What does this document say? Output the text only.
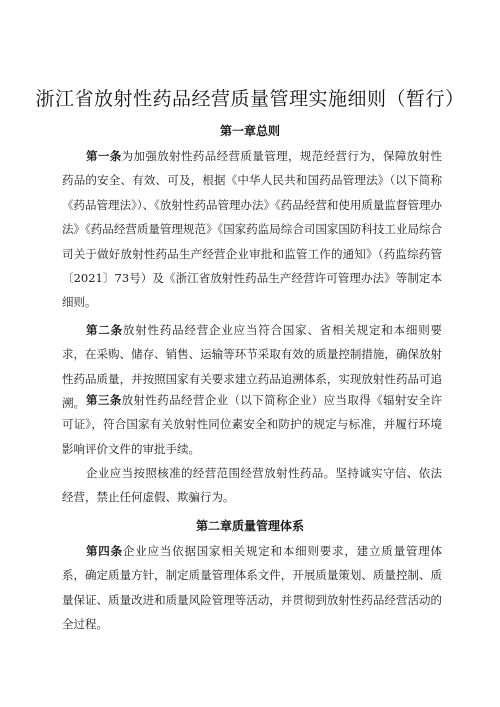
浙江省放射性药品经营质量管理实施细则（暂行）
第一章总则

第一条为加强放射性药品经营质量管理，规范经营行为，保障放射性药品的安全、有效、可及，根据《中华人民共和国药品管理法》（以下简称《药品管理法》）、《放射性药品管理办法》《药品经营和使用质量监督管理办法》《药品经营质量管理规范》《国家药监局综合司国家国防科技工业局综合司关于做好放射性药品生产经营企业审批和监管工作的通知》（药监综药管〔2021〕73号）及《浙江省放射性药品生产经营许可管理办法》等制定本细则。

第二条放射性药品经营企业应当符合国家、省相关规定和本细则要求，在采购、储存、销售、运输等环节采取有效的质量控制措施，确保放射性药品质量，并按照国家有关要求建立药品追溯体系，实现放射性药品可追溯。 第三条放射性药品经营企业（以下简称企业）应当取得《辐射安全许可证》，符合国家有关放射性同位素安全和防护的规定与标准，并履行环境影响评价文件的审批手续。

企业应当按照核准的经营范围经营放射性药品。坚持诚实守信、依法经营，禁止任何虚假、欺骗行为。

第二章质量管理体系

第四条企业应当依据国家相关规定和本细则要求，建立质量管理体系，确定质量方针，制定质量管理体系文件，开展质量策划、质量控制、质量保证、质量改进和质量风险管理等活动，并贯彻到放射性药品经营活动的全过程。
